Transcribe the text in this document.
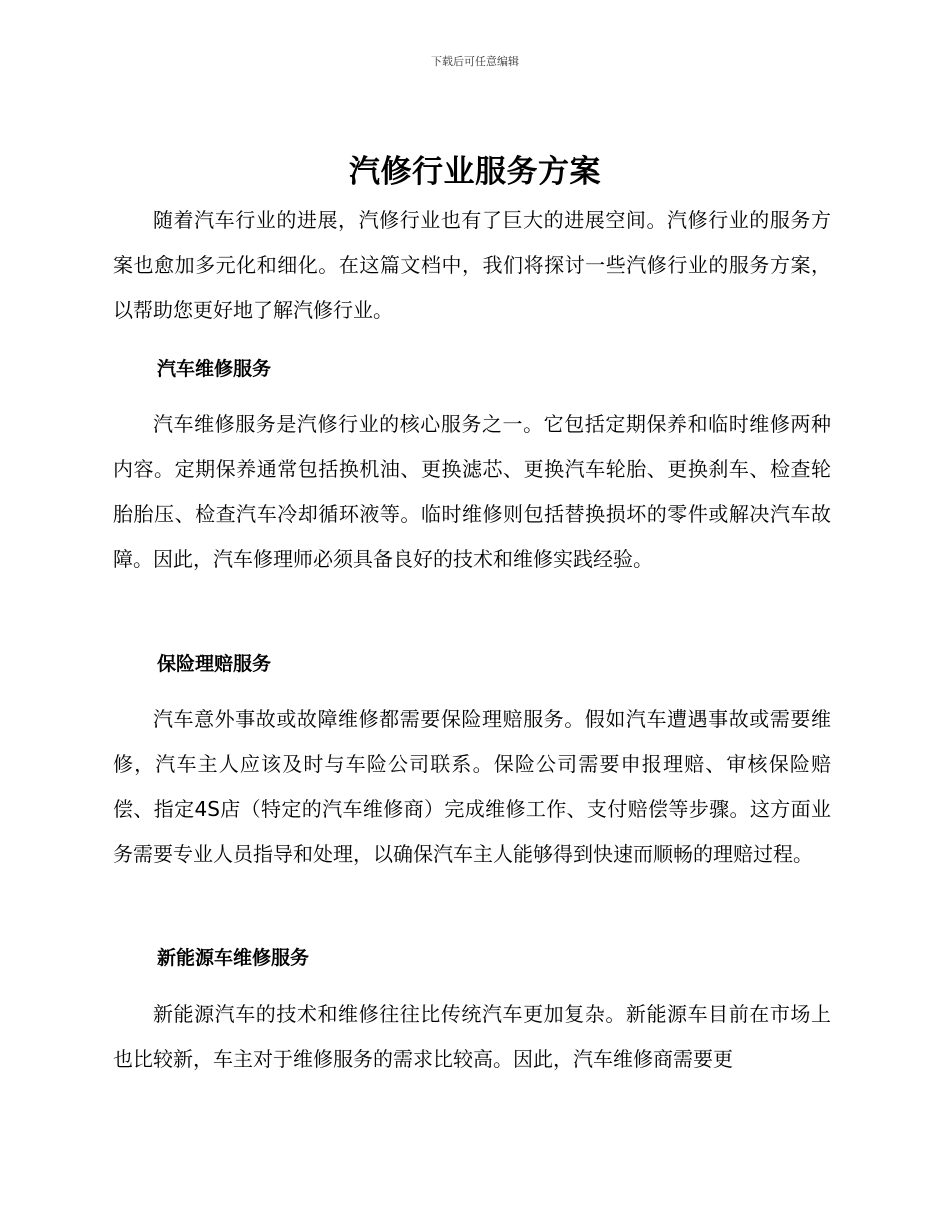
下载后可任意编辑
汽修行业服务方案

随着汽车行业的进展，汽修行业也有了巨大的进展空间。汽修行业的服务方案也愈加多元化和细化。在这篇文档中，我们将探讨一些汽修行业的服务方案，以帮助您更好地了解汽修行业。

汽车维修服务

汽车维修服务是汽修行业的核心服务之一。它包括定期保养和临时维修两种内容。定期保养通常包括换机油、更换滤芯、更换汽车轮胎、更换刹车、检查轮胎胎压、检查汽车冷却循环液等。临时维修则包括替换损坏的零件或解决汽车故障。因此，汽车修理师必须具备良好的技术和维修实践经验。

保险理赔服务

汽车意外事故或故障维修都需要保险理赔服务。假如汽车遭遇事故或需要维修，汽车主人应该及时与车险公司联系。保险公司需要申报理赔、审核保险赔偿、指定4S店（特定的汽车维修商）完成维修工作、支付赔偿等步骤。这方面业务需要专业人员指导和处理，以确保汽车主人能够得到快速而顺畅的理赔过程。

新能源车维修服务

新能源汽车的技术和维修往往比传统汽车更加复杂。新能源车目前在市场上也比较新，车主对于维修服务的需求比较高。因此，汽车维修商需要更
